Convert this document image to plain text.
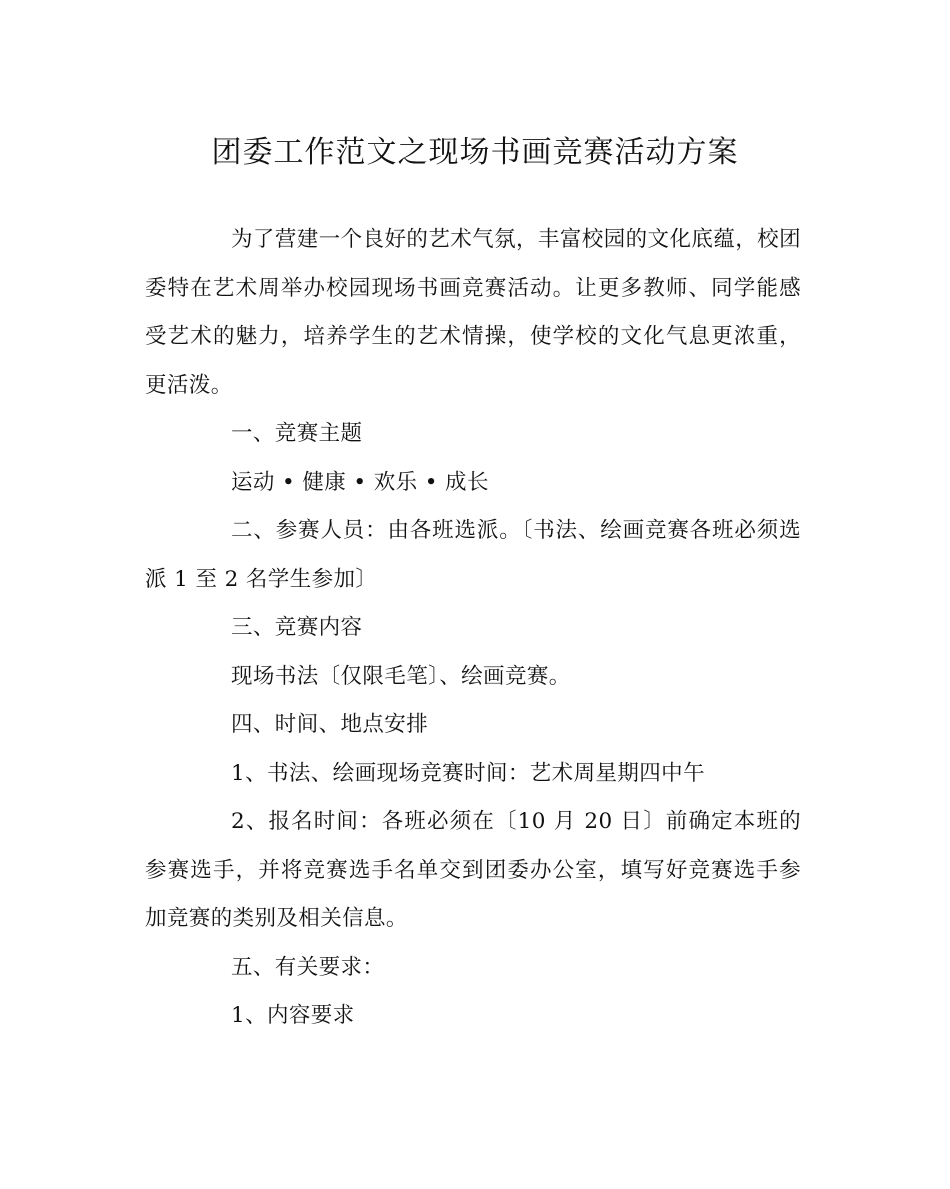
团委工作范文之现场书画竞赛活动方案

为了营建一个良好的艺术气氛，丰富校园的文化底蕴，校团委特在艺术周举办校园现场书画竞赛活动。让更多教师、同学能感受艺术的魅力，培养学生的艺术情操，使学校的文化气息更浓重，更活泼。

一、竞赛主题

运动 • 健康 • 欢乐 • 成长

二、参赛人员：由各班选派。〔书法、绘画竞赛各班必须选派 1 至 2 名学生参加〕

三、竞赛内容

现场书法〔仅限毛笔〕、绘画竞赛。

四、时间、地点安排

1、书法、绘画现场竞赛时间：艺术周星期四中午

2、报名时间：各班必须在〔10 月 20 日〕前确定本班的参赛选手，并将竞赛选手名单交到团委办公室，填写好竞赛选手参加竞赛的类别及相关信息。

五、有关要求：

1、内容要求
